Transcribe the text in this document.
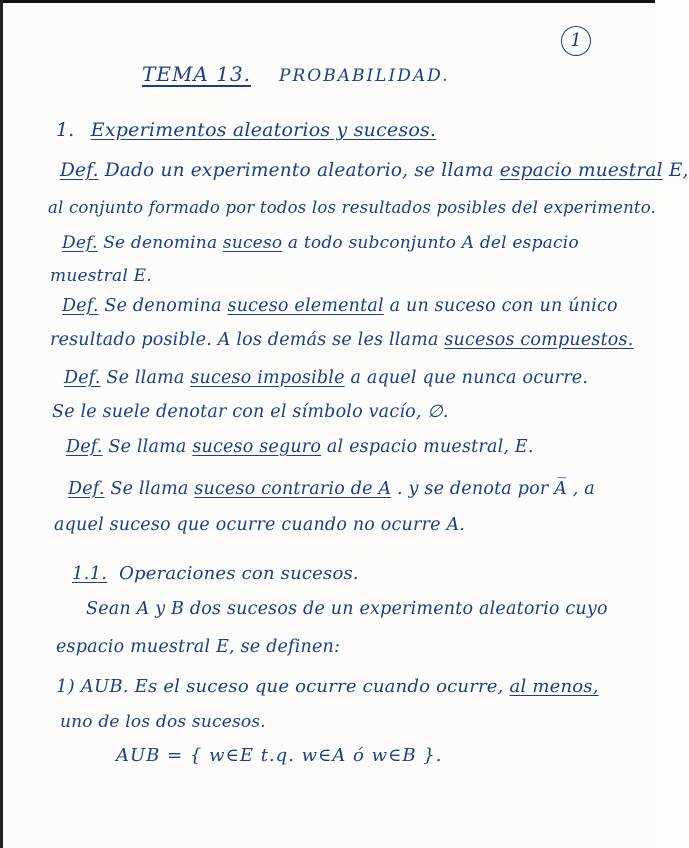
1
TEMA 13. PROBABILIDAD.
1. Experimentos aleatorios y sucesos.
Def. Dado un experimento aleatorio, se llama espacio muestral E,
al conjunto formado por todos los resultados posibles del experimento.
Def. Se denomina suceso a todo subconjunto A del espacio
muestral E.
Def. Se denomina suceso elemental a un suceso con un único
resultado posible. A los demás se les llama sucesos compuestos.
Def. Se llama suceso imposible a aquel que nunca ocurre.
Se le suele denotar con el símbolo vacío, ∅.
Def. Se llama suceso seguro al espacio muestral, E.
Def. Se llama suceso contrario de A . y se denota por A̅ , a
aquel suceso que ocurre cuando no ocurre A.
1.1. Operaciones con sucesos.
Sean A y B dos sucesos de un experimento aleatorio cuyo
espacio muestral E, se definen:
1) AUB. Es el suceso que ocurre cuando ocurre, al menos,
uno de los dos sucesos.
AUB = { w∈E t.q. w∈A ó w∈B }.
